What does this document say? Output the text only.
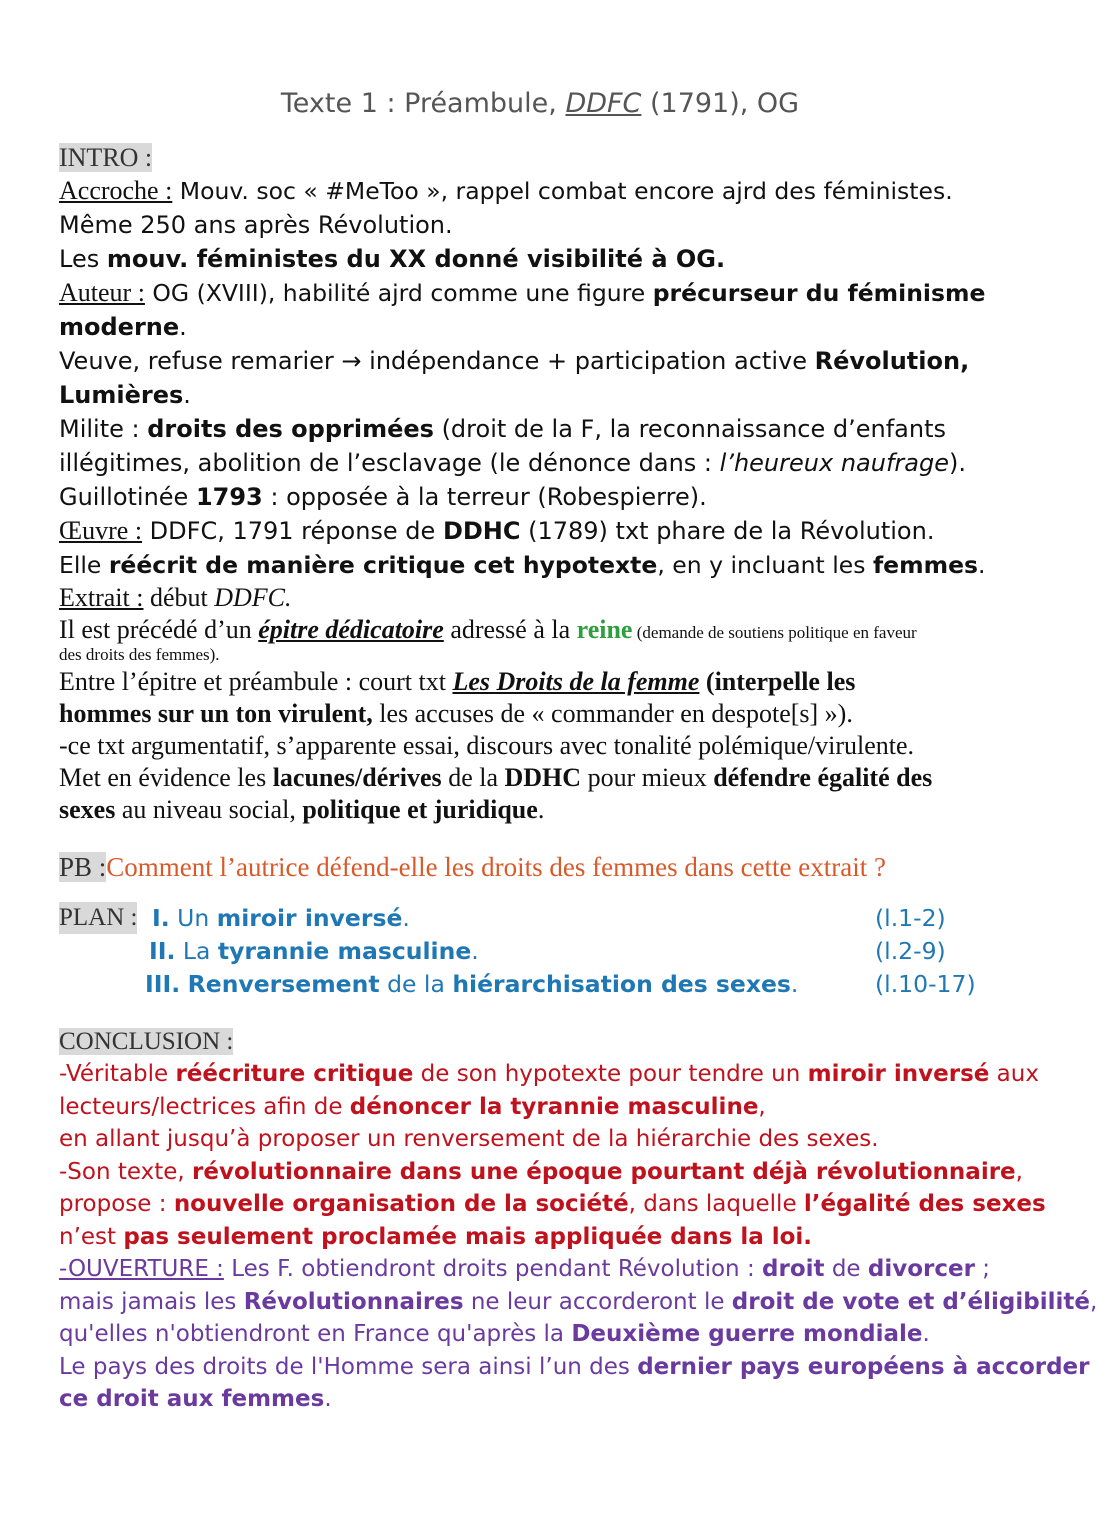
Texte 1 : Préambule, DDFC (1791), OG
INTRO :
Accroche : Mouv. soc « #MeToo », rappel combat encore ajrd des féministes.
Même 250 ans après Révolution.
Les mouv. féministes du XX donné visibilité à OG.
Auteur : OG (XVIII), habilité ajrd comme une figure précurseur du féminisme
moderne.
Veuve, refuse remarier → indépendance + participation active Révolution,
Lumières.
Milite : droits des opprimées (droit de la F, la reconnaissance d’enfants
illégitimes, abolition de l’esclavage (le dénonce dans : l’heureux naufrage).
Guillotinée 1793 : opposée à la terreur (Robespierre).
Œuvre : DDFC, 1791 réponse de DDHC (1789) txt phare de la Révolution.
Elle réécrit de manière critique cet hypotexte, en y incluant les femmes.
Extrait : début DDFC.
Il est précédé d’un épitre dédicatoire adressé à la reine (demande de soutiens politique en faveur
des droits des femmes).
Entre l’épitre et préambule : court txt Les Droits de la femme (interpelle les
hommes sur un ton virulent, les accuses de « commander en despote[s] »).
-ce txt argumentatif, s’apparente essai, discours avec tonalité polémique/virulente.
Met en évidence les lacunes/dérives de la DDHC pour mieux défendre égalité des
sexes au niveau social, politique et juridique.
PB :Comment l’autrice défend-elle les droits des femmes dans cette extrait ?
PLAN : I. Un miroir inversé.
II. La tyrannie masculine.
III. Renversement de la hiérarchisation des sexes.
(l.1-2)
(l.2-9)
(l.10-17)
CONCLUSION :
-Véritable réécriture critique de son hypotexte pour tendre un miroir inversé aux
lecteurs/lectrices afin de dénoncer la tyrannie masculine,
en allant jusqu’à proposer un renversement de la hiérarchie des sexes.
-Son texte, révolutionnaire dans une époque pourtant déjà révolutionnaire,
propose : nouvelle organisation de la société, dans laquelle l’égalité des sexes
n’est pas seulement proclamée mais appliquée dans la loi.
-OUVERTURE : Les F. obtiendront droits pendant Révolution : droit de divorcer ;
mais jamais les Révolutionnaires ne leur accorderont le droit de vote et d’éligibilité,
qu'elles n'obtiendront en France qu'après la Deuxième guerre mondiale.
Le pays des droits de l'Homme sera ainsi l’un des dernier pays européens à accorder
ce droit aux femmes.
